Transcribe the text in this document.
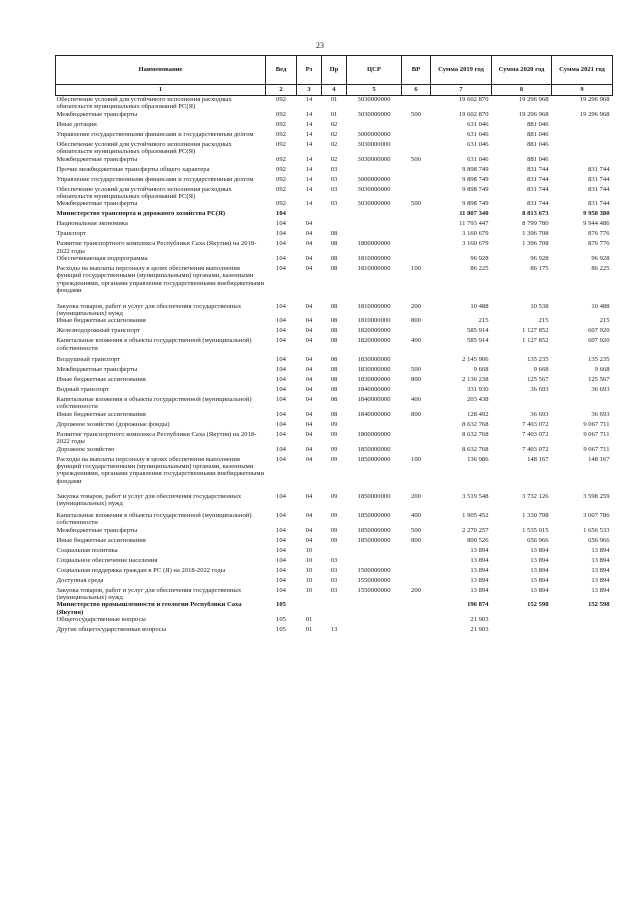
23
Наименование	Вед	Рз	Пр	ЦСР	ВР	Сумма 2019 год	Сумма 2020 год	Сумма 2021 год
1	2	3	4	5	6	7	8	9
Обеспечение условий для устойчивого исполнения расходных обязательств муниципальных образований РС(Я)	092	14	01	3030000000		19 602 870	19 296 968	19 296 968
Межбюджетные трансферты	092	14	01	3030000000	500	19 602 870	19 296 968	19 296 968
Иные дотации	092	14	02			631 046	881 046	
Управление государственными финансами и государственным долгом	092	14	02	3000000000		631 046	881 046	
Обеспечение условий для устойчивого исполнения расходных обязательств муниципальных образований РС(Я)	092	14	02	3030000000		631 046	881 046	
Межбюджетные трансферты	092	14	02	3030000000	500	631 046	881 046	
Прочие межбюджетные трансферты общего характера	092	14	03			9 898 749	831 744	831 744
Управление государственными финансами и государственным долгом	092	14	03	3000000000		9 898 749	831 744	831 744
Обеспечение условий для устойчивого исполнения расходных обязательств муниципальных образований РС(Я)	092	14	03	3030000000		9 898 749	831 744	831 744
Межбюджетные трансферты	092	14	03	3030000000	500	9 898 749	831 744	831 744
Министерство транспорта и дорожного хозяйства РС(Я)	104					11 807 340	8 813 673	9 958 380
Национальная экономика	104	04				11 793 447	8 799 780	9 944 486
Транспорт	104	04	08			3 160 679	1 396 708	876 776
Развитие транспортного комплекса Республики Саха (Якутия) на 2018-2022 годы	104	04	08	1800000000		3 160 679	1 396 708	876 776
Обеспечивающая подпрограмма	104	04	08	1810000000		96 928	96 928	96 928
Расходы на выплаты персоналу в целях обеспечения выполнения функций государственными (муниципальными) органами, казенными учреждениями, органами управления государственными внебюджетными фондами	104	04	08	1810000000	100	86 225	86 175	86 225
Закупка товаров, работ и услуг для обеспечения государственных (муниципальных) нужд	104	04	08	1810000000	200	10 488	10 538	10 488
Иные бюджетные ассигнования	104	04	08	1810000000	800	215	215	215
Железнодорожный транспорт	104	04	08	1820000000		585 914	1 127 852	607 920
Капитальные вложения в объекты государственной (муниципальной) собственности	104	04	08	1820000000	400	585 914	1 127 852	607 920
Воздушный транспорт	104	04	08	1830000000		2 145 906	135 235	135 235
Межбюджетные трансферты	104	04	08	1830000000	500	9 668	9 668	9 668
Иные бюджетные ассигнования	104	04	08	1830000000	800	2 136 238	125 567	125 567
Водный транспорт	104	04	08	1840000000		331 930	36 693	36 693
Капитальные вложения в объекты государственной (муниципальной) собственности	104	04	08	1840000000	400	203 438		
Иные бюджетные ассигнования	104	04	08	1840000000	800	128 492	36 693	36 693
Дорожное хозяйство (дорожные фонды)	104	04	09			8 632 768	7 403 072	9 067 711
Развитие транспортного комплекса Республики Саха (Якутия) на 2018-2022 годы	104	04	09	1800000000		8 632 768	7 403 072	9 067 711
Дорожное хозяйство	104	04	09	1850000000		8 632 768	7 403 072	9 067 711
Расходы на выплаты персоналу в целях обеспечения выполнения функций государственными (муниципальными) органами, казенными учреждениями, органами управления государственными внебюджетными фондами	104	04	09	1850000000	100	136 986	148 167	148 167
Закупка товаров, работ и услуг для обеспечения государственных (муниципальных) нужд	104	04	09	1850000000	200	3 519 548	3 732 126	3 598 259
Капитальные вложения в объекты государственной (муниципальной) собственности	104	04	09	1850000000	400	1 905 452	1 330 798	3 007 786
Межбюджетные трансферты	104	04	09	1850000000	500	2 270 257	1 535 015	1 656 533
Иные бюджетные ассигнования	104	04	09	1850000000	800	800 526	656 966	656 966
Социальная политика	104	10				13 894	13 894	13 894
Социальное обеспечение населения	104	10	03			13 894	13 894	13 894
Социальная поддержка граждан в РС (Я) на 2018-2022 годы	104	10	03	1500000000		13 894	13 894	13 894
Доступная среда	104	10	03	1550000000		13 894	13 894	13 894
Закупка товаров, работ и услуг для обеспечения государственных (муниципальных) нужд	104	10	03	1550000000	200	13 894	13 894	13 894
Министерство промышленности и геологии Республики Саха (Якутия)	105					196 874	152 598	152 598
Общегосударственные вопросы	105	01				21 903		
Другие общегосударственные вопросы	105	01	13			21 903		
